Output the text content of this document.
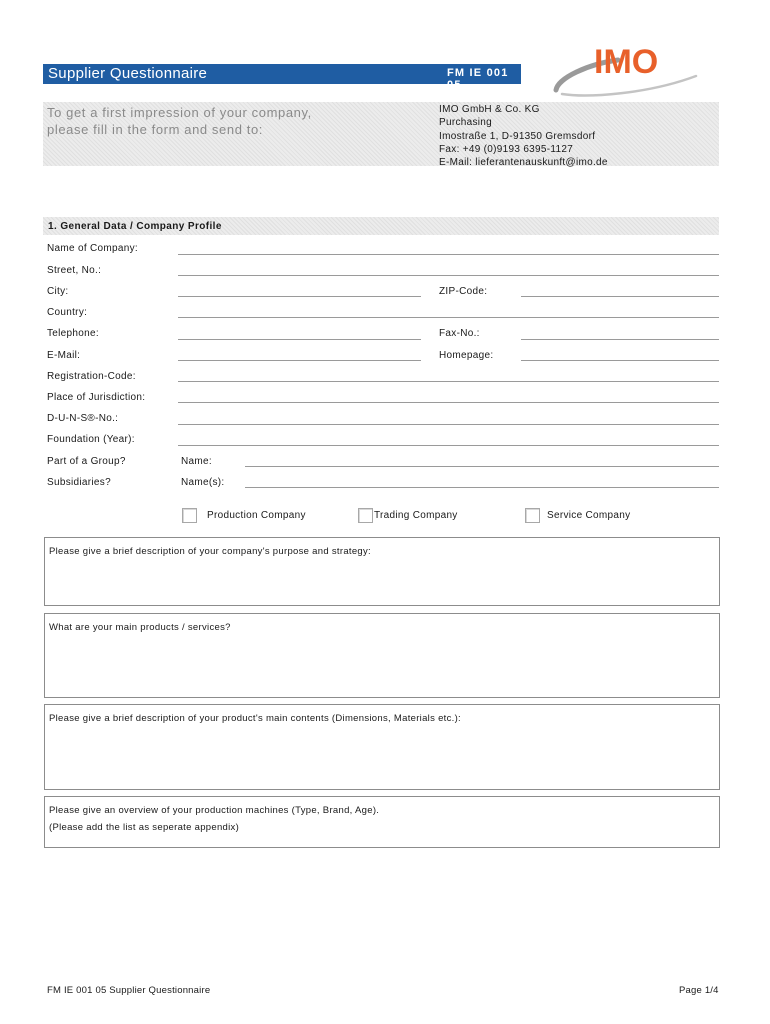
Supplier Questionnaire	FM IE 001 05
IMO
To get a first impression of your company,
please fill in the form and send to:
IMO GmbH & Co. KG
Purchasing
Imostraße 1, D-91350 Gremsdorf
Fax: +49 (0)9193 6395-1127
E-Mail: lieferantenauskunft@imo.de
1. General Data / Company Profile
Name of Company:
Street, No.:
City:	ZIP-Code:
Country:
Telephone:	Fax-No.:
E-Mail:	Homepage:
Registration-Code:
Place of Jurisdiction:
D-U-N-S®-No.:
Foundation (Year):
Part of a Group?	Name:
Subsidiaries?	Name(s):
Production Company	Trading Company	Service Company
Please give a brief description of your company's purpose and strategy:
What are your main products / services?
Please give a brief description of your product's main contents (Dimensions, Materials etc.):
Please give an overview of your production machines (Type, Brand, Age).
(Please add the list as seperate appendix)
FM IE 001 05 Supplier Questionnaire	Page 1/4
